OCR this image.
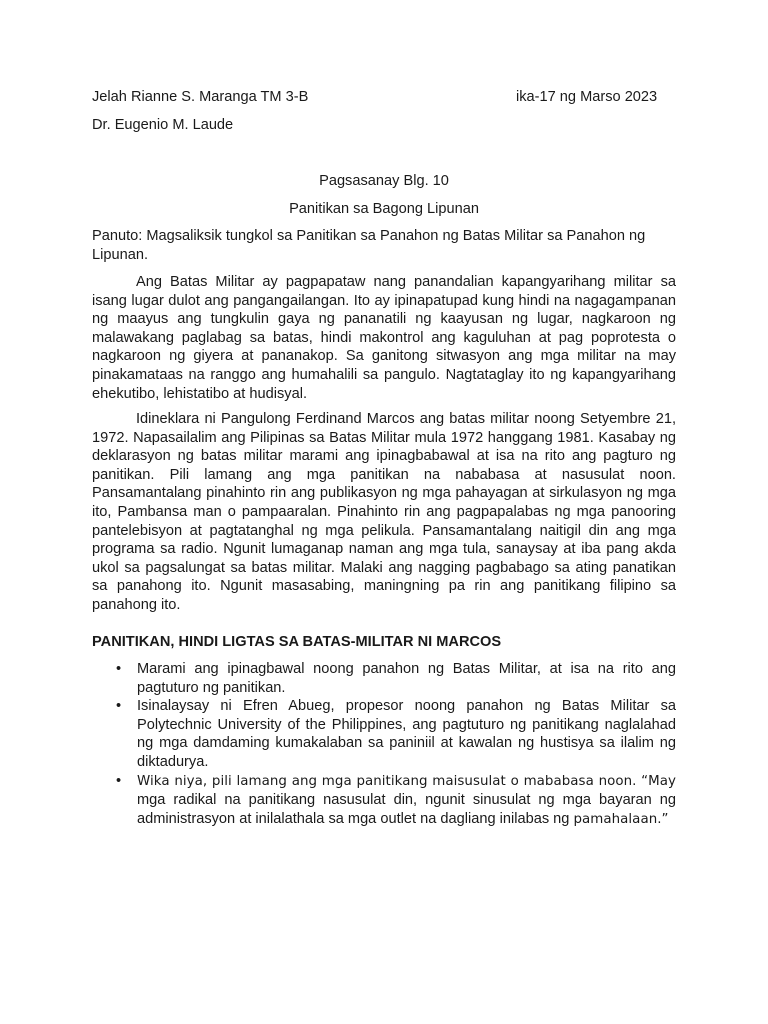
Jelah Rianne S. Maranga TM 3-B	ika-17 ng Marso 2023
Dr. Eugenio M. Laude
Pagsasanay Blg. 10
Panitikan sa Bagong Lipunan
Panuto: Magsaliksik tungkol sa Panitikan sa Panahon ng Batas Militar sa Panahon ng Lipunan.
Ang Batas Militar ay pagpapataw nang panandalian kapangyarihang militar sa isang lugar dulot ang pangangailangan. Ito ay ipinapatupad kung hindi na nagagampanan ng maayus ang tungkulin gaya ng pananatili ng kaayusan ng lugar, nagkaroon ng malawakang paglabag sa batas, hindi makontrol ang kaguluhan at pag poprotesta o nagkaroon ng giyera at pananakop. Sa ganitong sitwasyon ang mga militar na may pinakamataas na ranggo ang humahalili sa pangulo. Nagtataglay ito ng kapangyarihang ehekutibo, lehistatibo at hudisyal.
Idineklara ni Pangulong Ferdinand Marcos ang batas militar noong Setyembre 21, 1972. Napasailalim ang Pilipinas sa Batas Militar mula 1972 hanggang 1981. Kasabay ng deklarasyon ng batas militar marami ang ipinagbabawal at isa na rito ang pagturo ng panitikan. Pili lamang ang mga panitikan na nababasa at nasusulat noon. Pansamantalang pinahinto rin ang publikasyon ng mga pahayagan at sirkulasyon ng mga ito, Pambansa man o pampaaralan. Pinahinto rin ang pagpapalabas ng mga panooring pantelebisyon at pagtatanghal ng mga pelikula. Pansamantalang naitigil din ang mga programa sa radio. Ngunit lumaganap naman ang mga tula, sanaysay at iba pang akda ukol sa pagsalungat sa batas militar. Malaki ang nagging pagbabago sa ating panatikan sa panahong ito. Ngunit masasabing, maningning pa rin ang panitikang filipino sa panahong ito.
PANITIKAN, HINDI LIGTAS SA BATAS-MILITAR NI MARCOS
• Marami ang ipinagbawal noong panahon ng Batas Militar, at isa na rito ang pagtuturo ng panitikan.
• Isinalaysay ni Efren Abueg, propesor noong panahon ng Batas Militar sa Polytechnic University of the Philippines, ang pagtuturo ng panitikang naglalahad ng mga damdaming kumakalaban sa paniniil at kawalan ng hustisya sa ilalim ng diktadurya.
• Wika niya, pili lamang ang mga panitikang maisusulat o mababasa noon. “May mga radikal na panitikang nasusulat din, ngunit sinusulat ng mga bayaran ng administrasyon at inilalathala sa mga outlet na dagliang inilabas ng pamahalaan.”
